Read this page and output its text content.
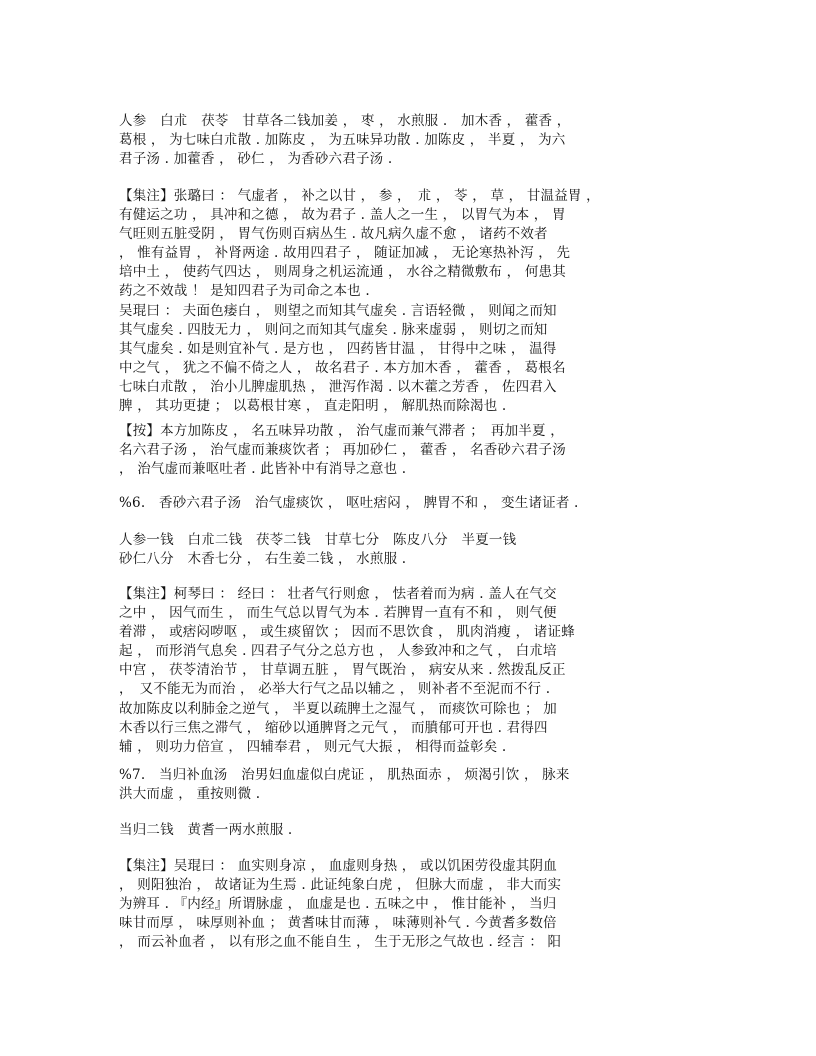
人参　白朮　茯苓　甘草各二钱加姜 ， 枣 ， 水煎服 .　加木香 ， 藿香 ，
葛根 ， 为七味白朮散 . 加陈皮 ， 为五味异功散 . 加陈皮 ， 半夏 ， 为六
君子汤 . 加藿香 ， 砂仁 ， 为香砂六君子汤 .
【集注】张璐曰 ： 气虚者 ， 补之以甘 ， 参 ，　朮 ， 苓 ， 草 ， 甘温益胃 ，
有健运之功 ， 具冲和之德 ， 故为君子 . 盖人之一生 ， 以胃气为本 ， 胃
气旺则五脏受阴 ， 胃气伤则百病丛生 . 故凡病久虚不愈 ， 诸药不效者
， 惟有益胃 ， 补肾两途 . 故用四君子 ， 随证加减 ， 无论寒热补泻 ， 先
培中土 ， 使药气四达 ， 则周身之机运流通 ， 水谷之精微敷布 ， 何患其
药之不效哉 ！ 是知四君子为司命之本也 .
吴琨曰 ： 夫面色痿白 ， 则望之而知其气虚矣 . 言语轻微 ， 则闻之而知
其气虚矣 . 四肢无力 ， 则问之而知其气虚矣 . 脉来虚弱 ， 则切之而知
其气虚矣 . 如是则宜补气 . 是方也 ， 四药皆甘温 ， 甘得中之味 ， 温得
中之气 ， 犹之不偏不倚之人 ， 故名君子 . 本方加木香 ， 藿香 ， 葛根名
七味白朮散 ， 治小儿脾虚肌热 ， 泄泻作渴 . 以木藿之芳香 ， 佐四君入
脾 ， 其功更捷 ； 以葛根甘寒 ， 直走阳明 ， 解肌热而除渴也 .
【按】本方加陈皮 ， 名五味异功散 ， 治气虚而兼气滞者 ；　再加半夏 ，
名六君子汤 ， 治气虚而兼痰饮者 ； 再加砂仁 ， 藿香 ， 名香砂六君子汤
， 治气虚而兼呕吐者 . 此皆补中有消导之意也 .
%6.　香砂六君子汤　治气虚痰饮 ， 呕吐痞闷 ， 脾胃不和 ， 变生诸证者 .
人参一钱　白朮二钱　茯苓二钱　甘草七分　陈皮八分　半夏一钱
砂仁八分　木香七分 ， 右生姜二钱 ， 水煎服 .
【集注】柯琴曰 ： 经曰 ： 壮者气行则愈 ， 怯者着而为病 . 盖人在气交
之中 ， 因气而生 ， 而生气总以胃气为本 . 若脾胃一直有不和 ， 则气便
着滞 ， 或痞闷哕呕 ， 或生痰留饮 ； 因而不思饮食 ， 肌肉消瘦 ， 诸证蜂
起 ， 而形消气息矣 . 四君子气分之总方也 ， 人参致冲和之气 ， 白朮培
中宫 ， 茯苓清治节 ， 甘草调五脏 ， 胃气既治 ， 病安从来 . 然拨乱反正
，　又不能无为而治 ， 必举大行气之品以辅之 ， 则补者不至泥而不行 .
故加陈皮以利肺金之逆气 ， 半夏以疏脾土之湿气 ， 而痰饮可除也 ； 加
木香以行三焦之滞气 ， 缩砂以通脾肾之元气 ， 而膹郁可开也 . 君得四
辅 ， 则功力倍宣 ， 四辅奉君 ， 则元气大振 ， 相得而益彰矣 .
%7.　当归补血汤　治男妇血虚似白虎证 ， 肌热面赤 ， 烦渴引饮 ， 脉来
洪大而虚 ， 重按则微 .
当归二钱　黄耆一两水煎服 .
【集注】吴琨曰 ： 血实则身凉 ， 血虚则身热 ， 或以饥困劳役虚其阴血
， 则阳独治 ， 故诸证为生焉 . 此证纯象白虎 ， 但脉大而虚 ， 非大而实
为辨耳 . 『内经』所谓脉虚 ， 血虚是也 . 五味之中 ， 惟甘能补 ， 当归
味甘而厚 ， 味厚则补血 ； 黄耆味甘而薄 ， 味薄则补气 . 今黄耆多数倍
， 而云补血者 ， 以有形之血不能自生 ， 生于无形之气故也 . 经言 ： 阳
